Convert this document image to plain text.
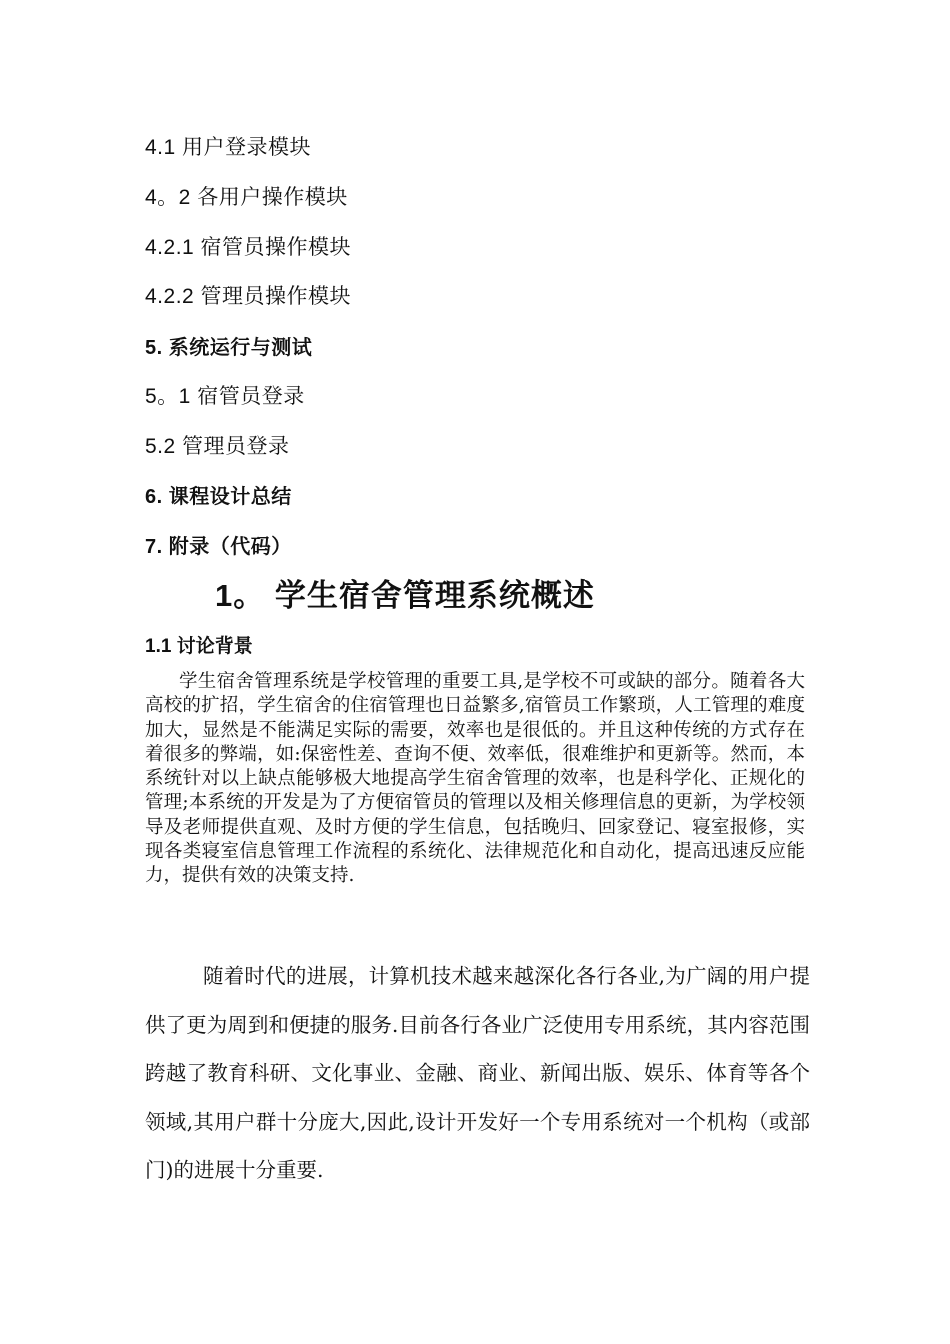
4.1 用户登录模块
4。2 各用户操作模块
4.2.1 宿管员操作模块
4.2.2 管理员操作模块
5. 系统运行与测试
5。1 宿管员登录
5.2 管理员登录
6. 课程设计总结
7. 附录（代码）
1。 学生宿舍管理系统概述
1.1 讨论背景
学生宿舍管理系统是学校管理的重要工具,是学校不可或缺的部分。随着各大高校的扩招，学生宿舍的住宿管理也日益繁多,宿管员工作繁琐，人工管理的难度加大，显然是不能满足实际的需要，效率也是很低的。并且这种传统的方式存在着很多的弊端，如:保密性差、查询不便、效率低，很难维护和更新等。然而，本系统针对以上缺点能够极大地提高学生宿舍管理的效率，也是科学化、正规化的管理;本系统的开发是为了方便宿管员的管理以及相关修理信息的更新，为学校领导及老师提供直观、及时方便的学生信息，包括晚归、回家登记、寝室报修，实现各类寝室信息管理工作流程的系统化、法律规范化和自动化，提高迅速反应能力，提供有效的决策支持.
随着时代的进展，计算机技术越来越深化各行各业,为广阔的用户提供了更为周到和便捷的服务.目前各行各业广泛使用专用系统，其内容范围跨越了教育科研、文化事业、金融、商业、新闻出版、娱乐、体育等各个领域,其用户群十分庞大,因此,设计开发好一个专用系统对一个机构（或部门)的进展十分重要.
